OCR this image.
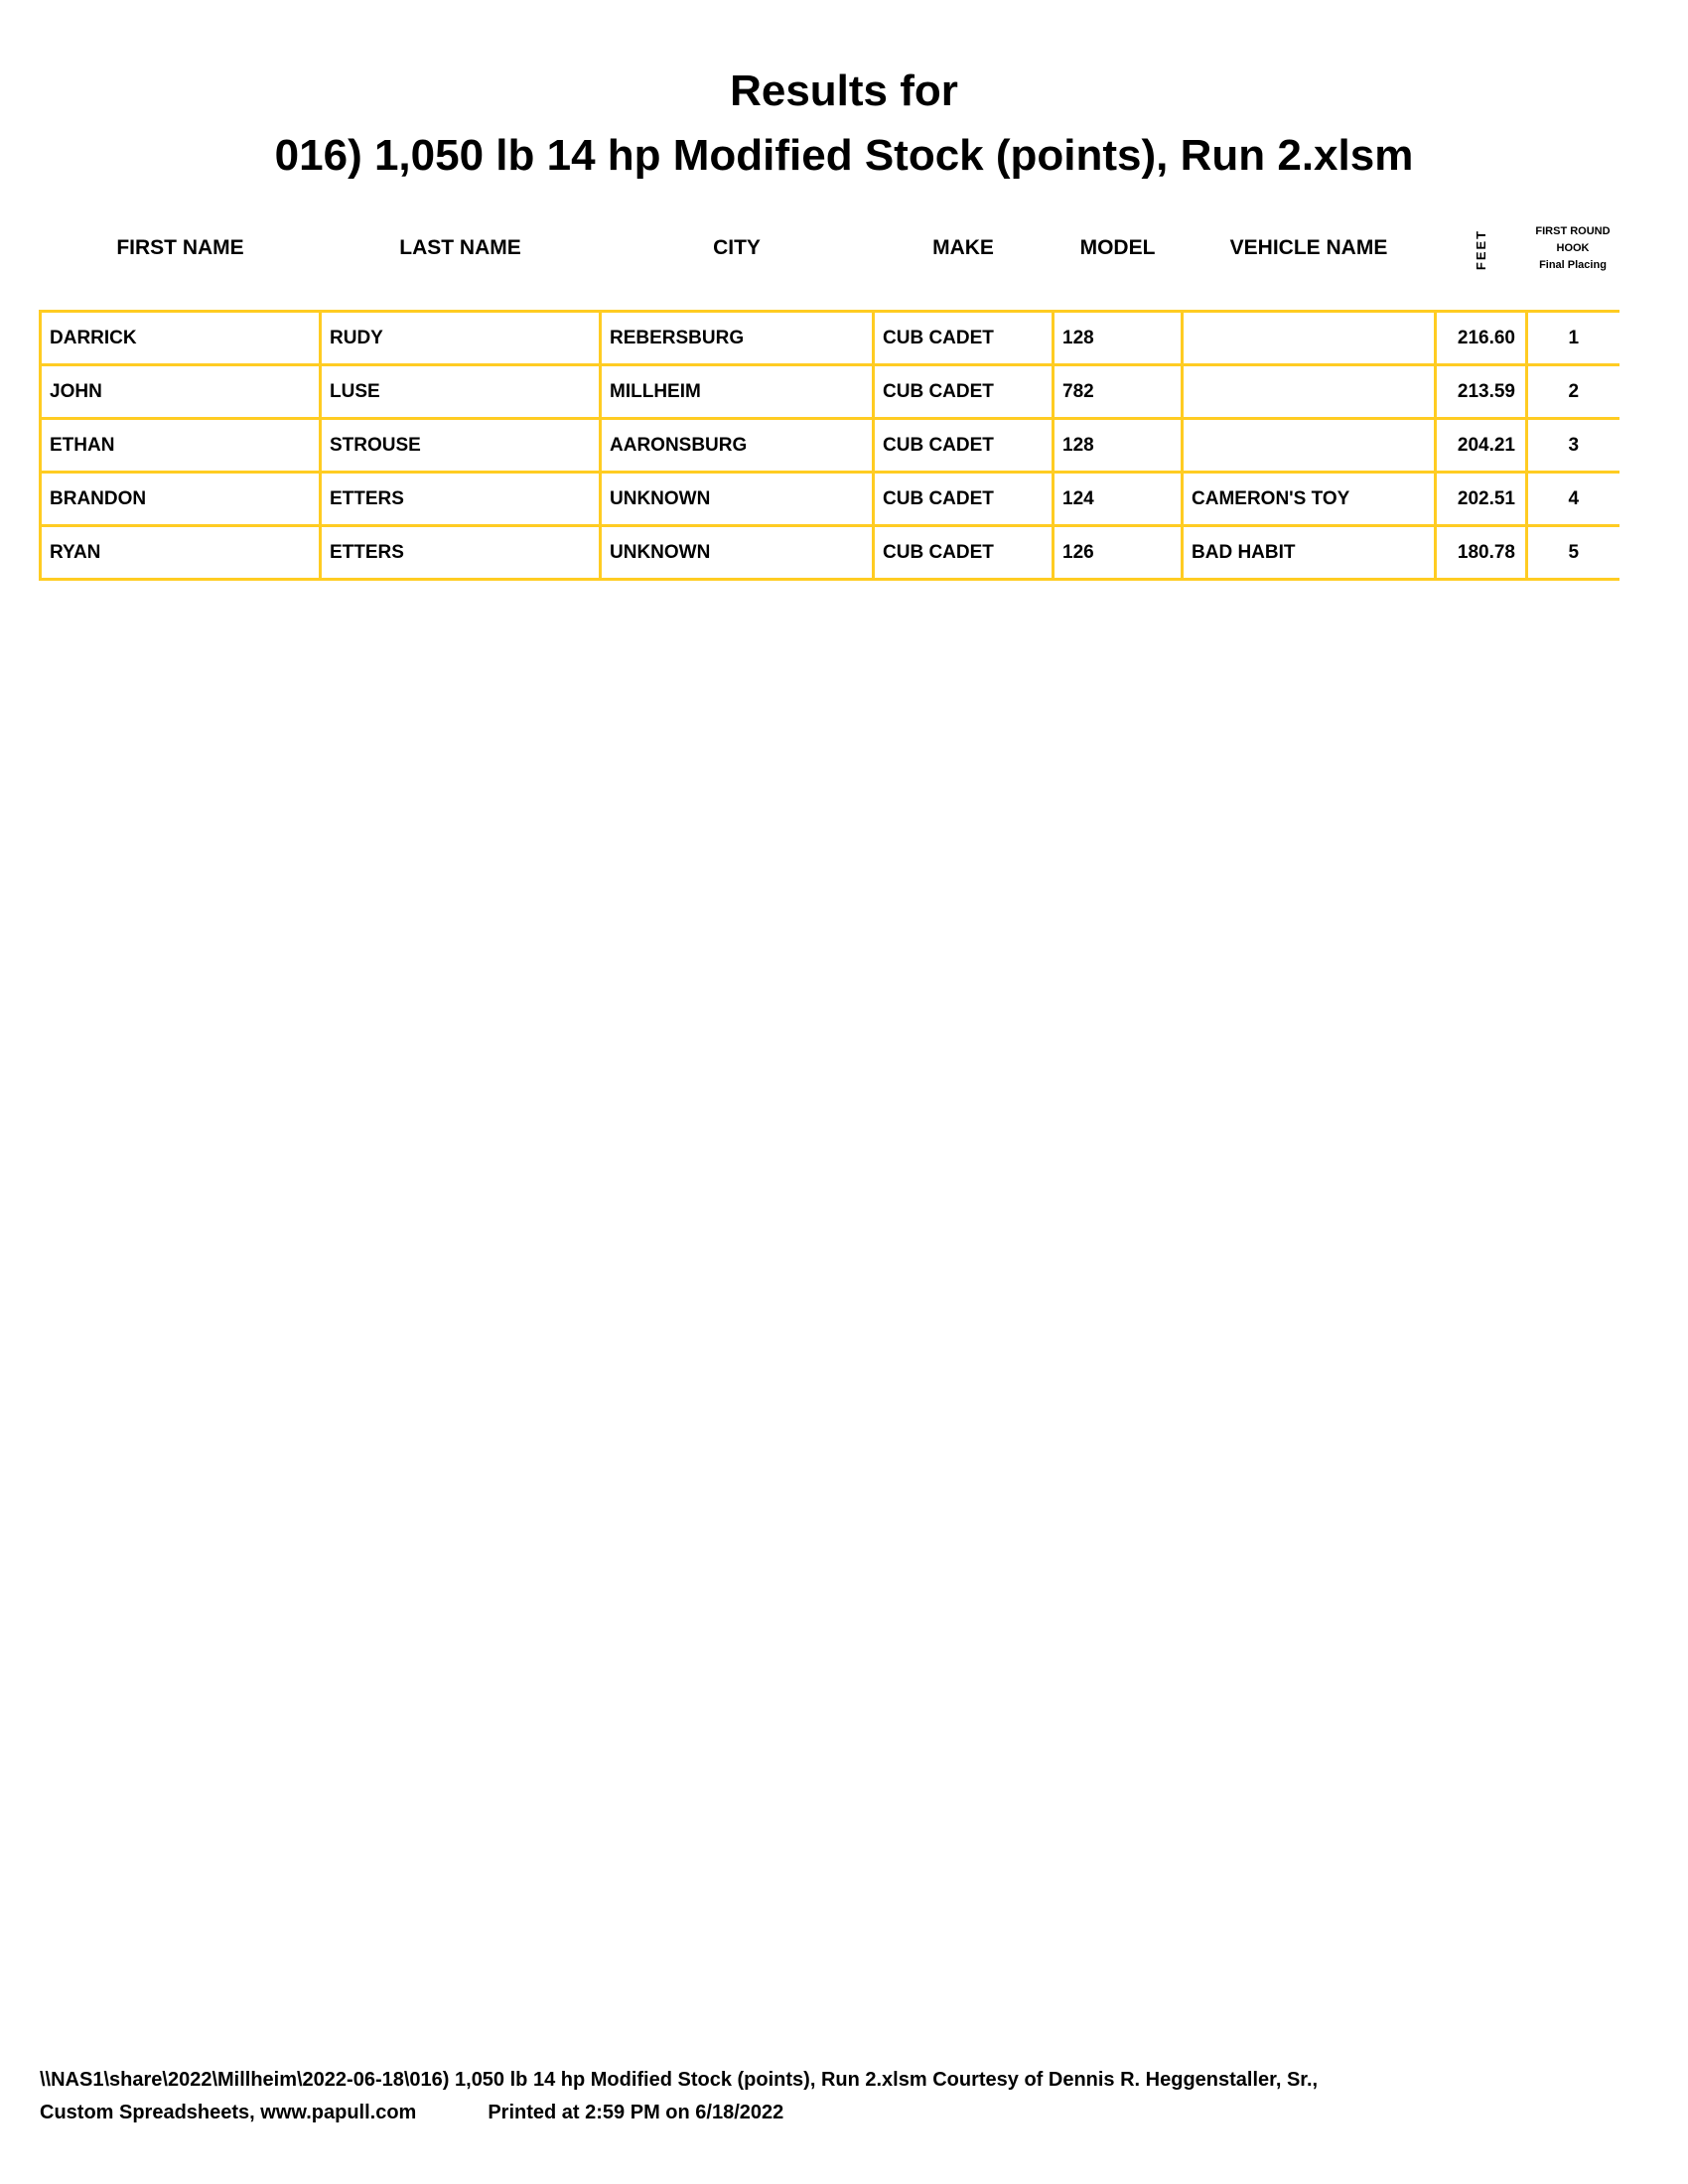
Results for
016) 1,050 lb 14 hp Modified Stock (points), Run 2.xlsm
FIRST NAME	LAST NAME	CITY	MAKE	MODEL	VEHICLE NAME	FEET	FIRST ROUND
HOOK
Final Placing

DARRICK	RUDY	REBERSBURG	CUB CADET	128		216.60	1
JOHN	LUSE	MILLHEIM	CUB CADET	782		213.59	2
ETHAN	STROUSE	AARONSBURG	CUB CADET	128		204.21	3
BRANDON	ETTERS	UNKNOWN	CUB CADET	124	CAMERON'S TOY	202.51	4
RYAN	ETTERS	UNKNOWN	CUB CADET	126	BAD HABIT	180.78	5
\\NAS1\share\2022\Millheim\2022-06-18\016) 1,050 lb 14 hp Modified Stock (points), Run 2.xlsm Courtesy of Dennis R. Heggenstaller, Sr.,
Custom Spreadsheets, www.papull.com	Printed at 2:59 PM on 6/18/2022
